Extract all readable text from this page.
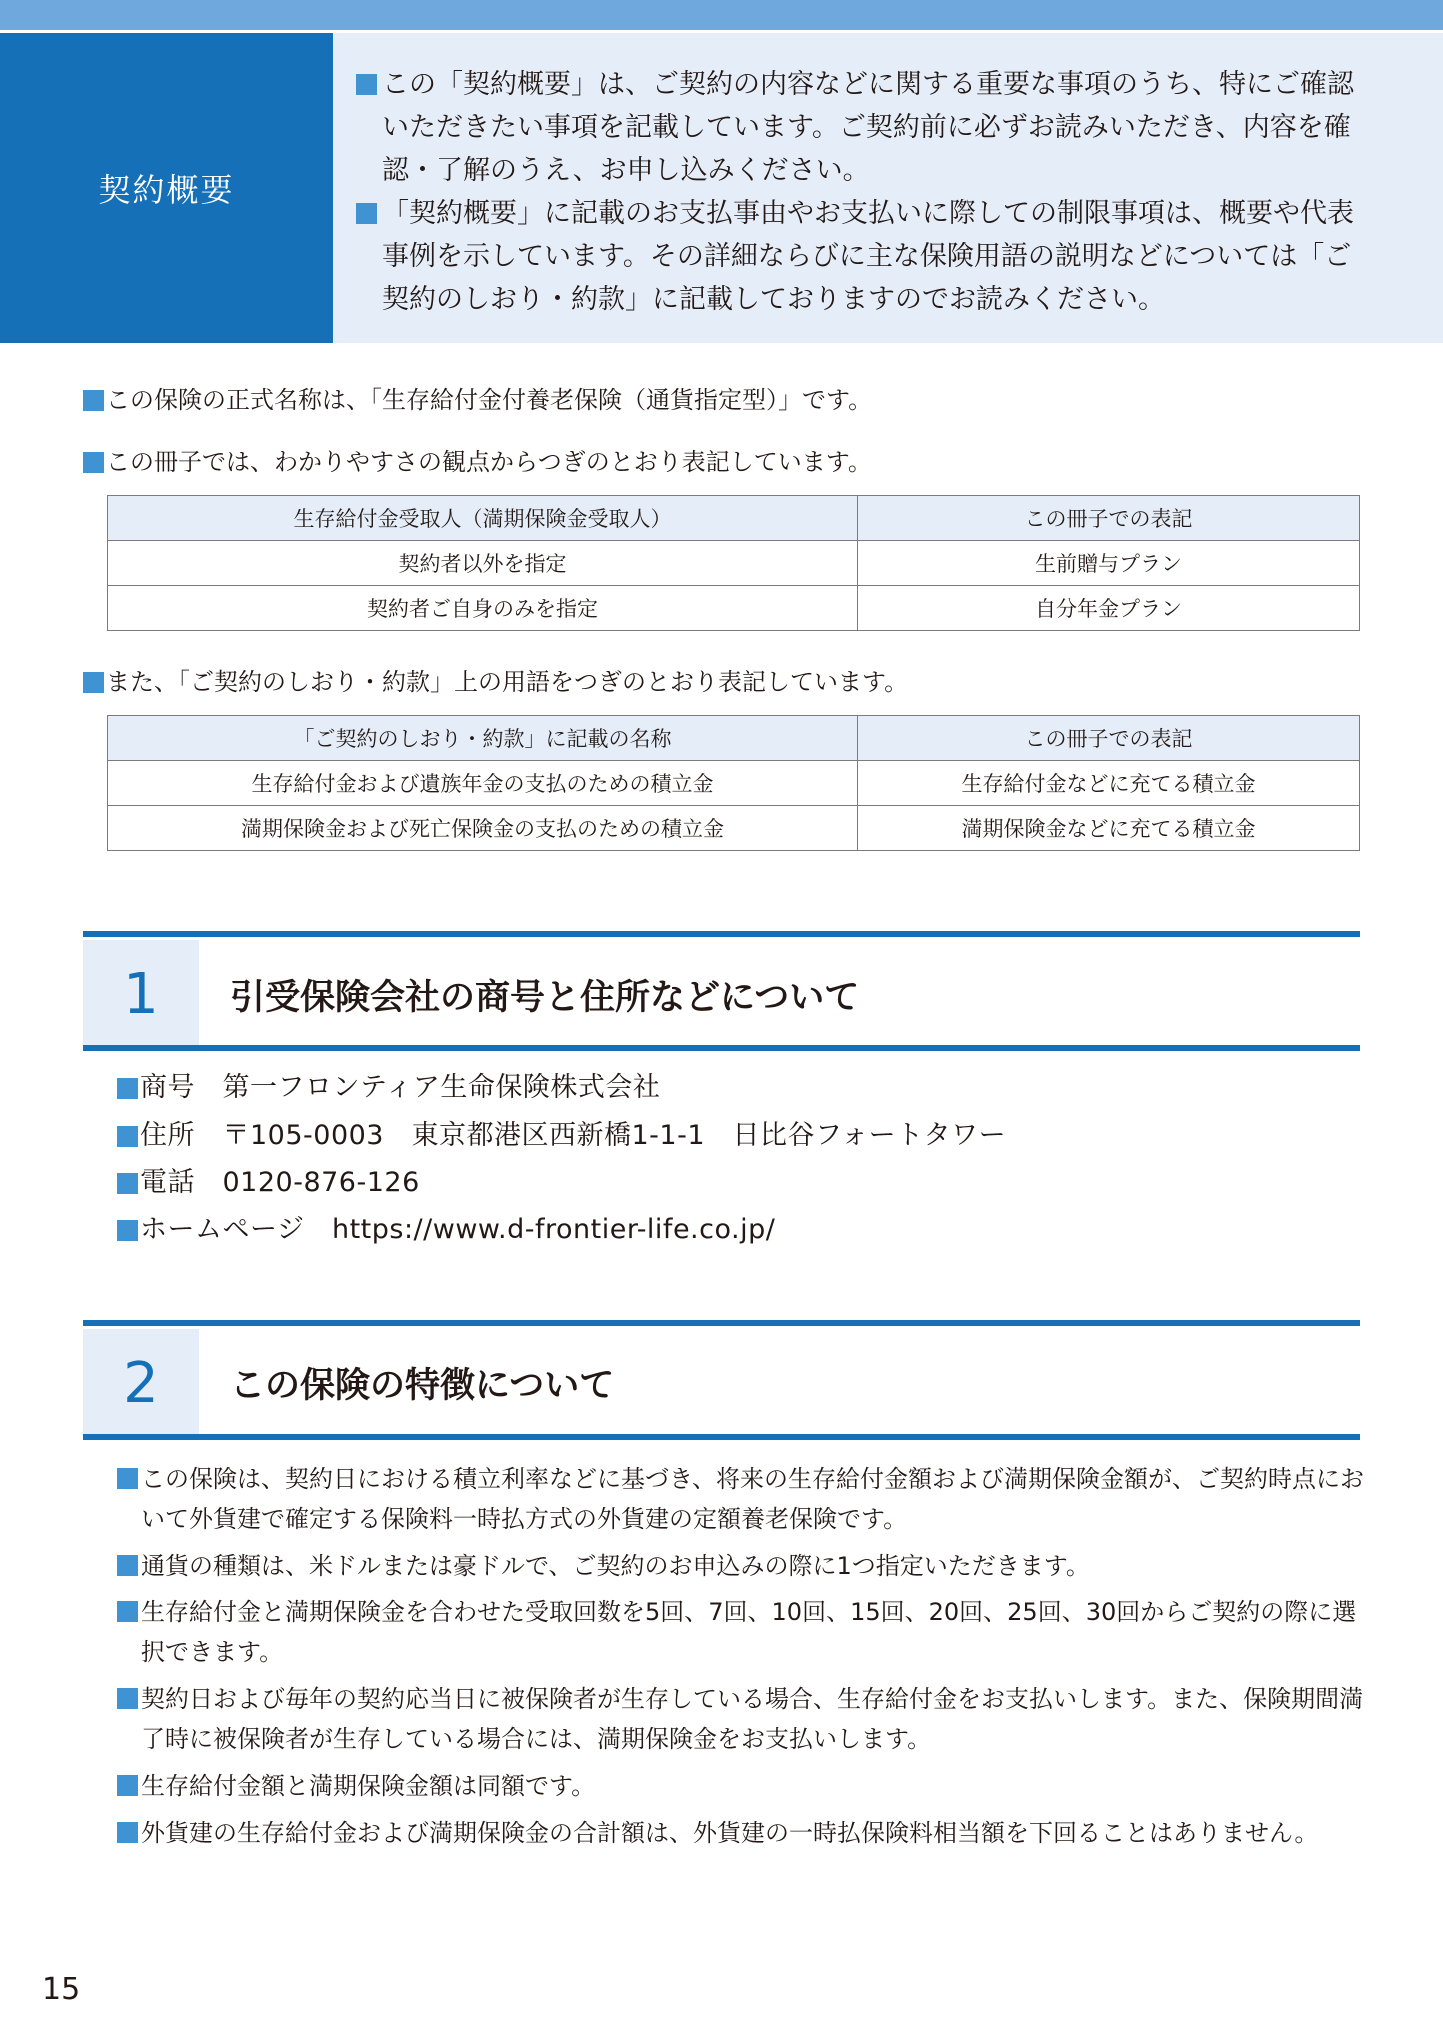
契約概要
この「契約概要」は、ご契約の内容などに関する重要な事項のうち、特にご確認いただきたい事項を記載しています。ご契約前に必ずお読みいただき、内容を確認・了解のうえ、お申し込みください。
「契約概要」に記載のお支払事由やお支払いに際しての制限事項は、概要や代表事例を示しています。その詳細ならびに主な保険用語の説明などについては「ご契約のしおり・約款」に記載しておりますのでお読みください。
この保険の正式名称は、「生存給付金付養老保険（通貨指定型）」です。
この冊子では、わかりやすさの観点からつぎのとおり表記しています。
生存給付金受取人（満期保険金受取人）	この冊子での表記
契約者以外を指定	生前贈与プラン
契約者ご自身のみを指定	自分年金プラン
また、「ご契約のしおり・約款」上の用語をつぎのとおり表記しています。
「ご契約のしおり・約款」に記載の名称	この冊子での表記
生存給付金および遺族年金の支払のための積立金	生存給付金などに充てる積立金
満期保険金および死亡保険金の支払のための積立金	満期保険金などに充てる積立金
1	引受保険会社の商号と住所などについて
商号　第一フロンティア生命保険株式会社
住所　〒105-0003　東京都港区西新橋1-1-1　日比谷フォートタワー
電話　0120-876-126
ホームページ　https://www.d-frontier-life.co.jp/
2	この保険の特徴について
この保険は、契約日における積立利率などに基づき、将来の生存給付金額および満期保険金額が、ご契約時点において外貨建で確定する保険料一時払方式の外貨建の定額養老保険です。
通貨の種類は、米ドルまたは豪ドルで、ご契約のお申込みの際に1つ指定いただきます。
生存給付金と満期保険金を合わせた受取回数を5回、7回、10回、15回、20回、25回、30回からご契約の際に選択できます。
契約日および毎年の契約応当日に被保険者が生存している場合、生存給付金をお支払いします。また、保険期間満了時に被保険者が生存している場合には、満期保険金をお支払いします。
生存給付金額と満期保険金額は同額です。
外貨建の生存給付金および満期保険金の合計額は、外貨建の一時払保険料相当額を下回ることはありません。
15
